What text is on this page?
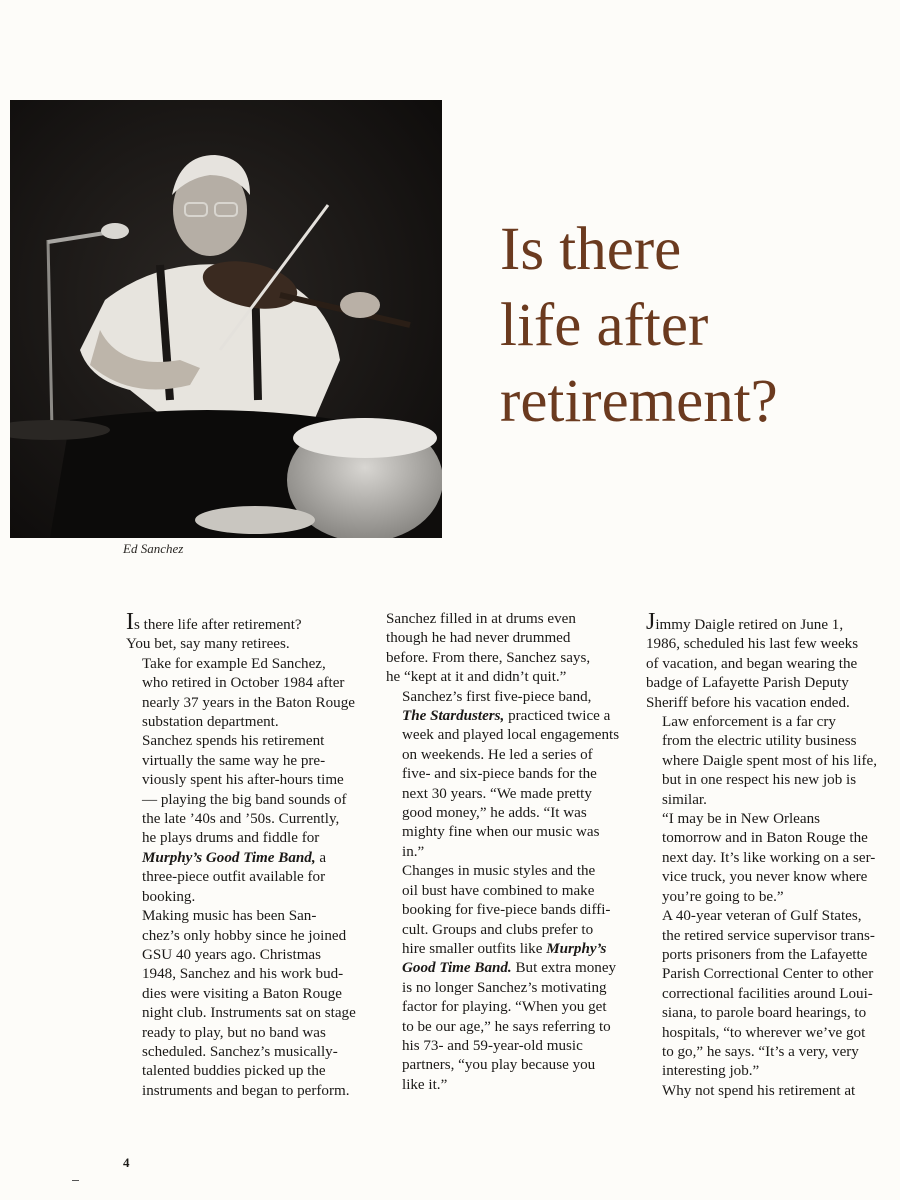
Ed Sanchez
Is there
life after
retirement?

Is there life after retirement?
You bet, say many retirees.

Take for example Ed Sanchez,
who retired in October 1984 after
nearly 37 years in the Baton Rouge
substation department.

Sanchez spends his retirement
virtually the same way he pre-
viously spent his after-hours time
— playing the big band sounds of
the late ’40s and ’50s. Currently,
he plays drums and fiddle for
Murphy’s Good Time Band, a
three-piece outfit available for
booking.

Making music has been San-
chez’s only hobby since he joined
GSU 40 years ago. Christmas
1948, Sanchez and his work bud-
dies were visiting a Baton Rouge
night club. Instruments sat on stage
ready to play, but no band was
scheduled. Sanchez’s musically-
talented buddies picked up the
instruments and began to perform.

Sanchez filled in at drums even
though he had never drummed
before. From there, Sanchez says,
he “kept at it and didn’t quit.”

Sanchez’s first five-piece band,
The Stardusters, practiced twice a
week and played local engagements
on weekends. He led a series of
five- and six-piece bands for the
next 30 years. “We made pretty
good money,” he adds. “It was
mighty fine when our music was
in.”

Changes in music styles and the
oil bust have combined to make
booking for five-piece bands diffi-
cult. Groups and clubs prefer to
hire smaller outfits like Murphy’s
Good Time Band. But extra money
is no longer Sanchez’s motivating
factor for playing. “When you get
to be our age,” he says referring to
his 73- and 59-year-old music
partners, “you play because you
like it.”

Jimmy Daigle retired on June 1,
1986, scheduled his last few weeks
of vacation, and began wearing the
badge of Lafayette Parish Deputy
Sheriff before his vacation ended.

Law enforcement is a far cry
from the electric utility business
where Daigle spent most of his life,
but in one respect his new job is
similar.

“I may be in New Orleans
tomorrow and in Baton Rouge the
next day. It’s like working on a ser-
vice truck, you never know where
you’re going to be.”

A 40-year veteran of Gulf States,
the retired service supervisor trans-
ports prisoners from the Lafayette
Parish Correctional Center to other
correctional facilities around Loui-
siana, to parole board hearings, to
hospitals, “to wherever we’ve got
to go,” he says. “It’s a very, very
interesting job.”

Why not spend his retirement at

4
